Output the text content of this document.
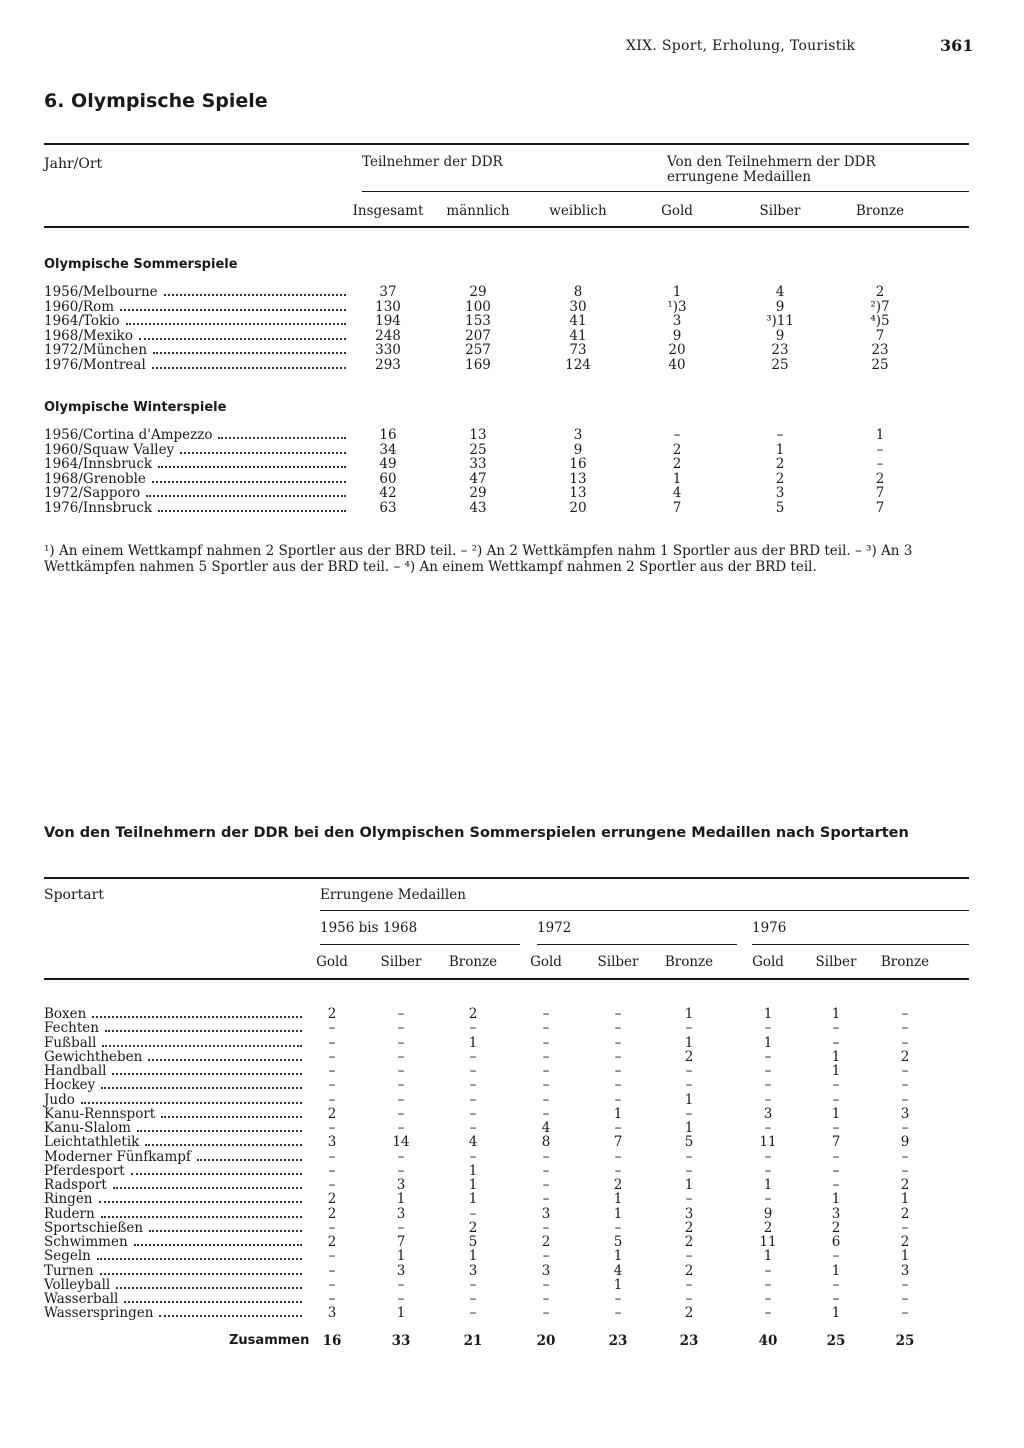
XIX. Sport, Erholung, Touristik	361
6. Olympische Spiele
Jahr/Ort	Teilnehmer der DDR	Von den Teilnehmern der DDR
errungene Medaillen
Insgesamt	männlich	weiblich	Gold	Silber	Bronze
Olympische Sommerspiele
1956/Melbourne	37	29	8	1	4	2
1960/Rom	130	100	30	¹)3	9	²)7
1964/Tokio	194	153	41	3	³)11	⁴)5
1968/Mexiko	248	207	41	9	9	7
1972/München	330	257	73	20	23	23
1976/Montreal	293	169	124	40	25	25
Olympische Winterspiele
1956/Cortina d'Ampezzo	16	13	3	–	–	1
1960/Squaw Valley	34	25	9	2	1	–
1964/Innsbruck	49	33	16	2	2	–
1968/Grenoble	60	47	13	1	2	2
1972/Sapporo	42	29	13	4	3	7
1976/Innsbruck	63	43	20	7	5	7
¹) An einem Wettkampf nahmen 2 Sportler aus der BRD teil. – ²) An 2 Wettkämpfen nahm 1 Sportler aus der BRD teil. – ³) An 3 Wettkämpfen nahmen 5 Sportler aus der BRD teil. – ⁴) An einem Wettkampf nahmen 2 Sportler aus der BRD teil.
Von den Teilnehmern der DDR bei den Olympischen Sommerspielen errungene Medaillen nach Sportarten
Sportart	Errungene Medaillen
1956 bis 1968	1972	1976
Gold	Silber	Bronze	Gold	Silber	Bronze	Gold	Silber	Bronze
Boxen	2	–	2	–	–	1	1	1	–
Fechten	–	–	–	–	–	–	–	–	–
Fußball	–	–	1	–	–	1	1	–	–
Gewichtheben	–	–	–	–	–	2	–	1	2
Handball	–	–	–	–	–	–	–	1	–
Hockey	–	–	–	–	–	–	–	–	–
Judo	–	–	–	–	–	1	–	–	–
Kanu-Rennsport	2	–	–	–	1	–	3	1	3
Kanu-Slalom	–	–	–	4	–	1	–	–	–
Leichtathletik	3	14	4	8	7	5	11	7	9
Moderner Fünfkampf	–	–	–	–	–	–	–	–	–
Pferdesport	–	–	1	–	–	–	–	–	–
Radsport	–	3	1	–	2	1	1	–	2
Ringen	2	1	1	–	1	–	–	1	1
Rudern	2	3	–	3	1	3	9	3	2
Sportschießen	–	–	2	–	–	2	2	2	–
Schwimmen	2	7	5	2	5	2	11	6	2
Segeln	–	1	1	–	1	–	1	–	1
Turnen	–	3	3	3	4	2	–	1	3
Volleyball	–	–	–	–	1	–	–	–	–
Wasserball	–	–	–	–	–	–	–	–	–
Wasserspringen	3	1	–	–	–	2	–	1	–
Zusammen 16	33	21	20	23	23	40	25	25
